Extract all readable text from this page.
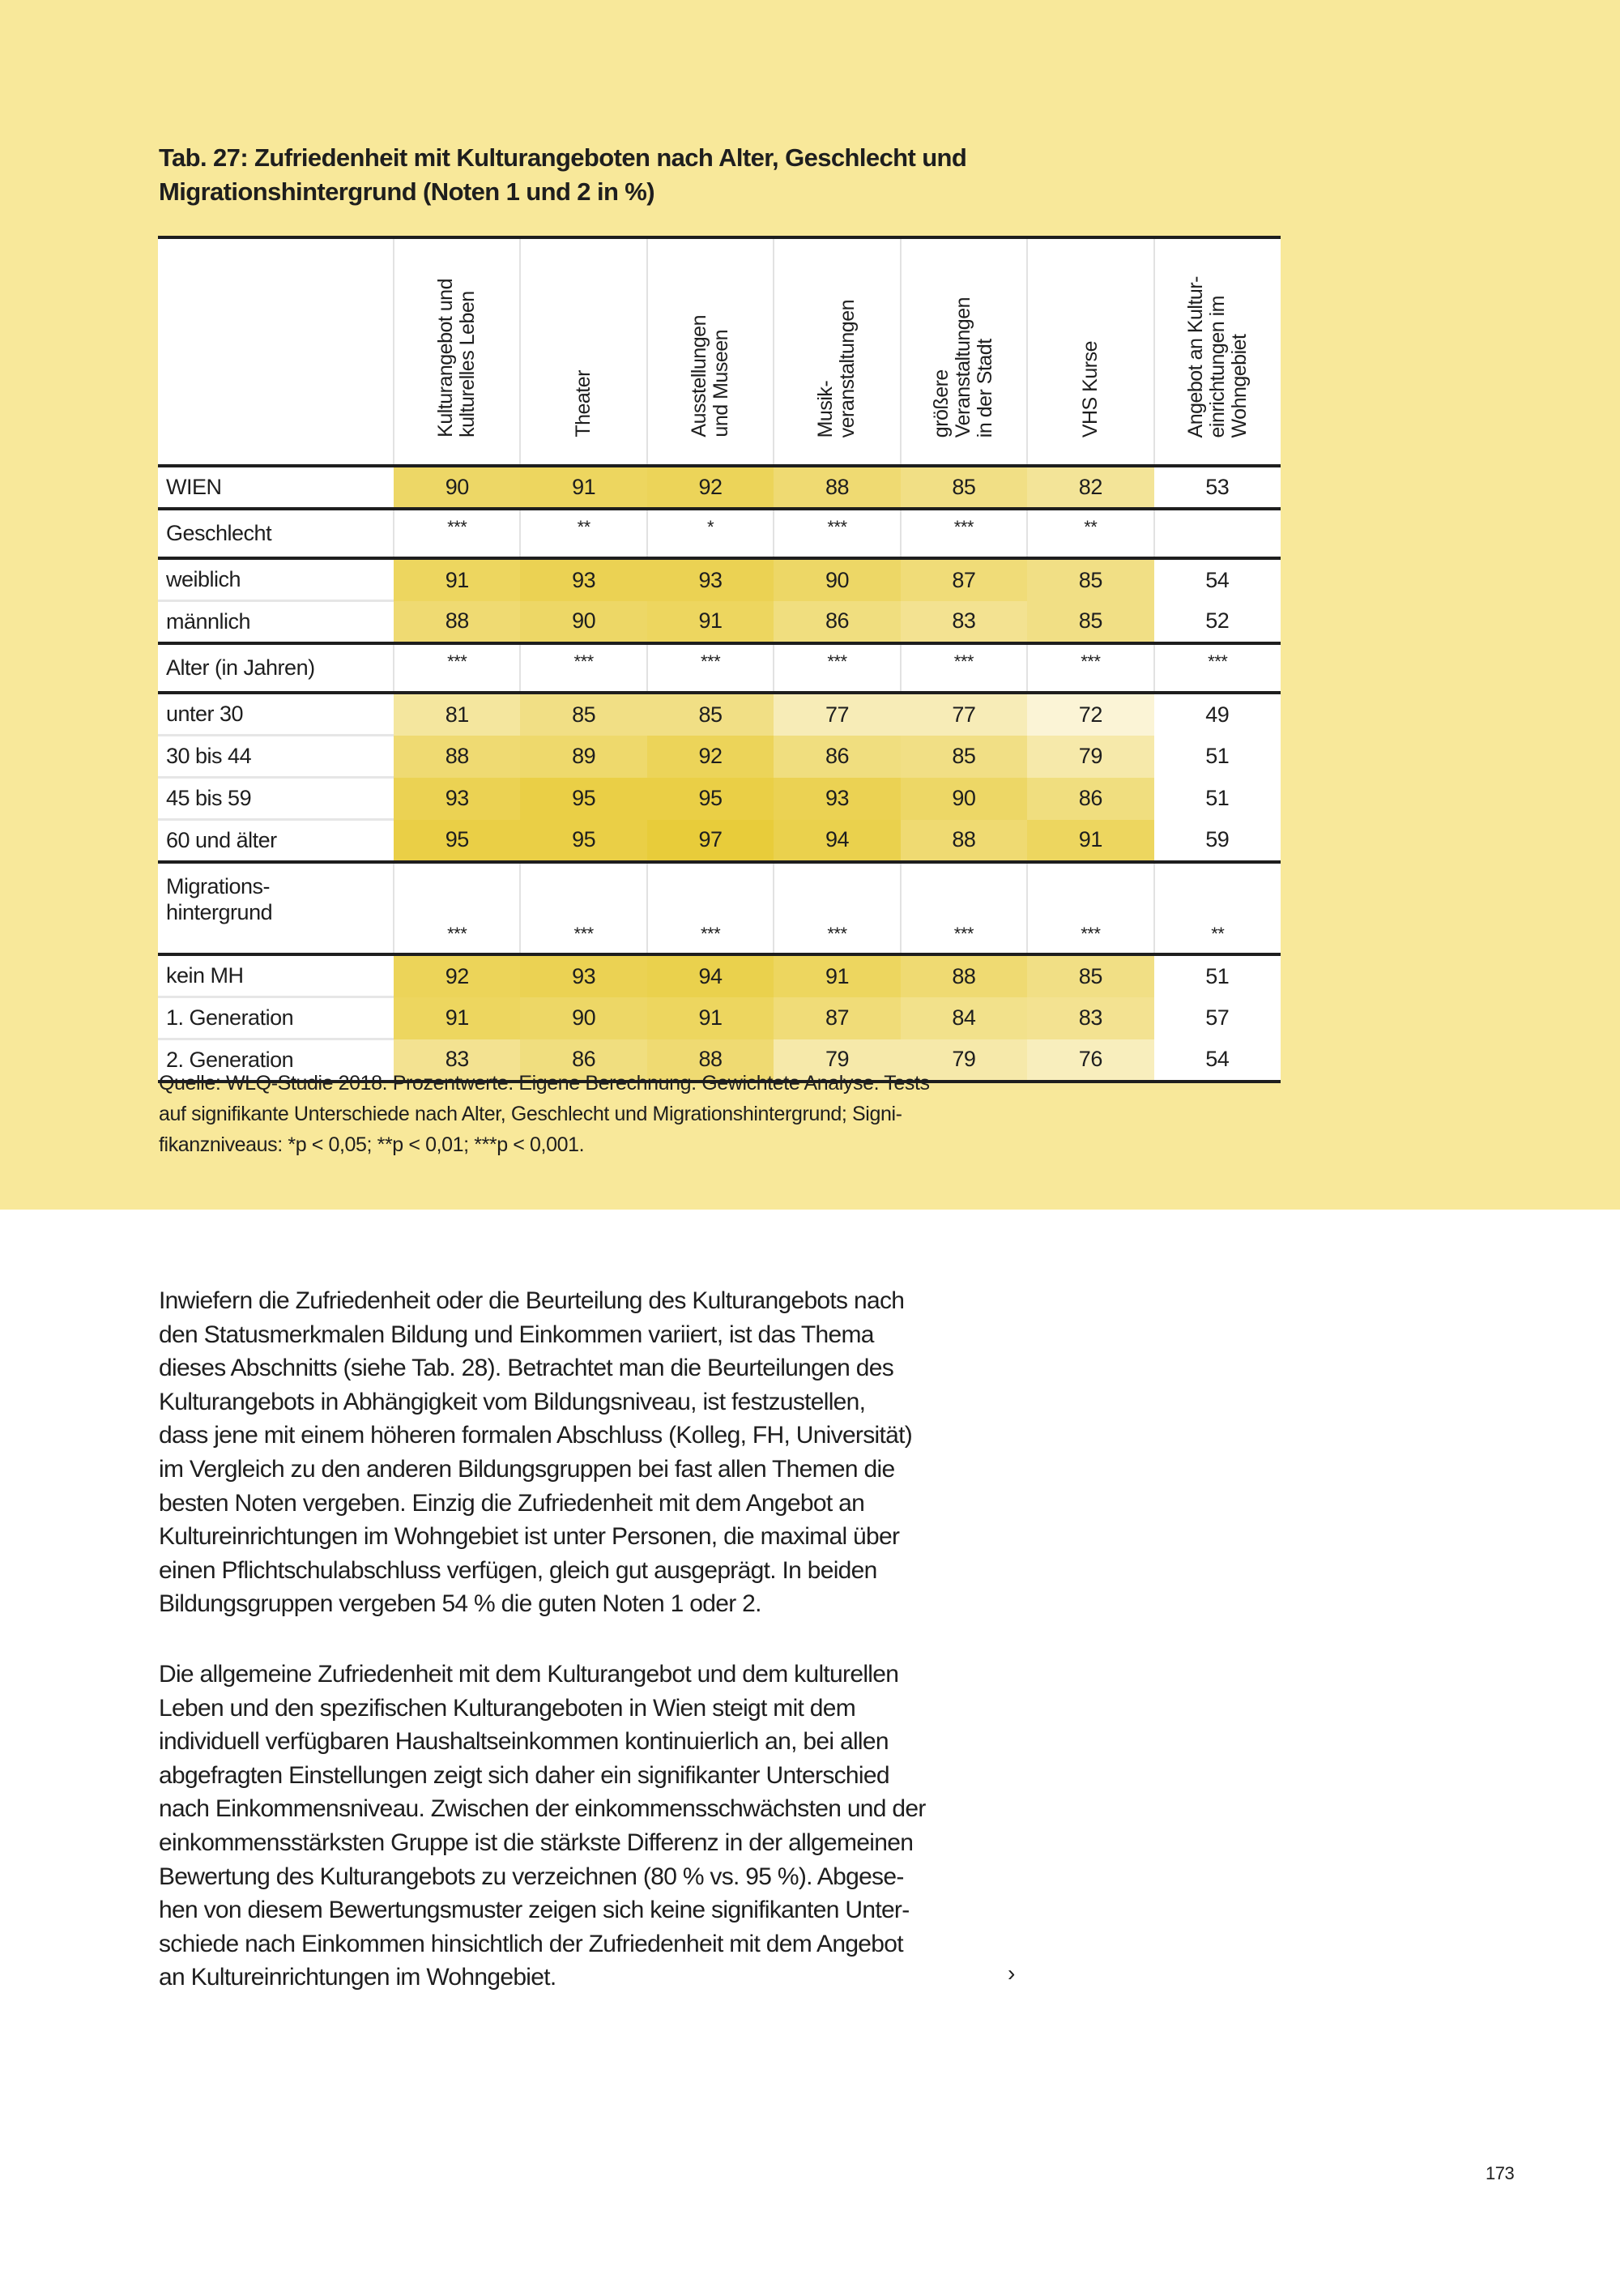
Tab. 27: Zufriedenheit mit Kulturangeboten nach Alter, Geschlecht und
Migrationshintergrund (Noten 1 und 2 in %)
	Kulturangebot und
kulturelles Leben	Theater	Ausstellungen
und Museen	Musik-
veranstaltungen	größere
Veranstaltungen
in der Stadt	VHS Kurse	Angebot an Kultur-
einrichtungen im
Wohngebiet
WIEN	90	91	92	88	85	82	53
Geschlecht	***	**	*	***	***	**	
weiblich	91	93	93	90	87	85	54
männlich	88	90	91	86	83	85	52
Alter (in Jahren)	***	***	***	***	***	***	***
unter 30	81	85	85	77	77	72	49
30 bis 44	88	89	92	86	85	79	51
45 bis 59	93	95	95	93	90	86	51
60 und älter	95	95	97	94	88	91	59
Migrations-
hintergrund	***	***	***	***	***	***	**
kein MH	92	93	94	91	88	85	51
1. Generation	91	90	91	87	84	83	57
2. Generation	83	86	88	79	79	76	54
Quelle: WLQ-Studie 2018. Prozentwerte. Eigene Berechnung. Gewichtete Analyse. Tests
auf signifikante Unterschiede nach Alter, Geschlecht und Migrationshintergrund; Signi-
fikanzniveaus: *p < 0,05; **p < 0,01; ***p < 0,001.
Inwiefern die Zufriedenheit oder die Beurteilung des Kulturangebots nach
den Statusmerkmalen Bildung und Einkommen variiert, ist das Thema
dieses Abschnitts (siehe Tab. 28). Betrachtet man die Beurteilungen des
Kulturangebots in Abhängigkeit vom Bildungsniveau, ist festzustellen,
dass jene mit einem höheren formalen Abschluss (Kolleg, FH, Universität)
im Vergleich zu den anderen Bildungsgruppen bei fast allen Themen die
besten Noten vergeben. Einzig die Zufriedenheit mit dem Angebot an
Kultureinrichtungen im Wohngebiet ist unter Personen, die maximal über
einen Pflichtschulabschluss verfügen, gleich gut ausgeprägt. In beiden
Bildungsgruppen vergeben 54 % die guten Noten 1 oder 2.
Die allgemeine Zufriedenheit mit dem Kulturangebot und dem kulturellen
Leben und den spezifischen Kulturangeboten in Wien steigt mit dem
individuell verfügbaren Haushaltseinkommen kontinuierlich an, bei allen
abgefragten Einstellungen zeigt sich daher ein signifikanter Unterschied
nach Einkommensniveau. Zwischen der einkommensschwächsten und der
einkommensstärksten Gruppe ist die stärkste Differenz in der allgemeinen
Bewertung des Kulturangebots zu verzeichnen (80 % vs. 95 %). Abgese-
hen von diesem Bewertungsmuster zeigen sich keine signifikanten Unter-
schiede nach Einkommen hinsichtlich der Zufriedenheit mit dem Angebot
an Kultureinrichtungen im Wohngebiet.	›
173
